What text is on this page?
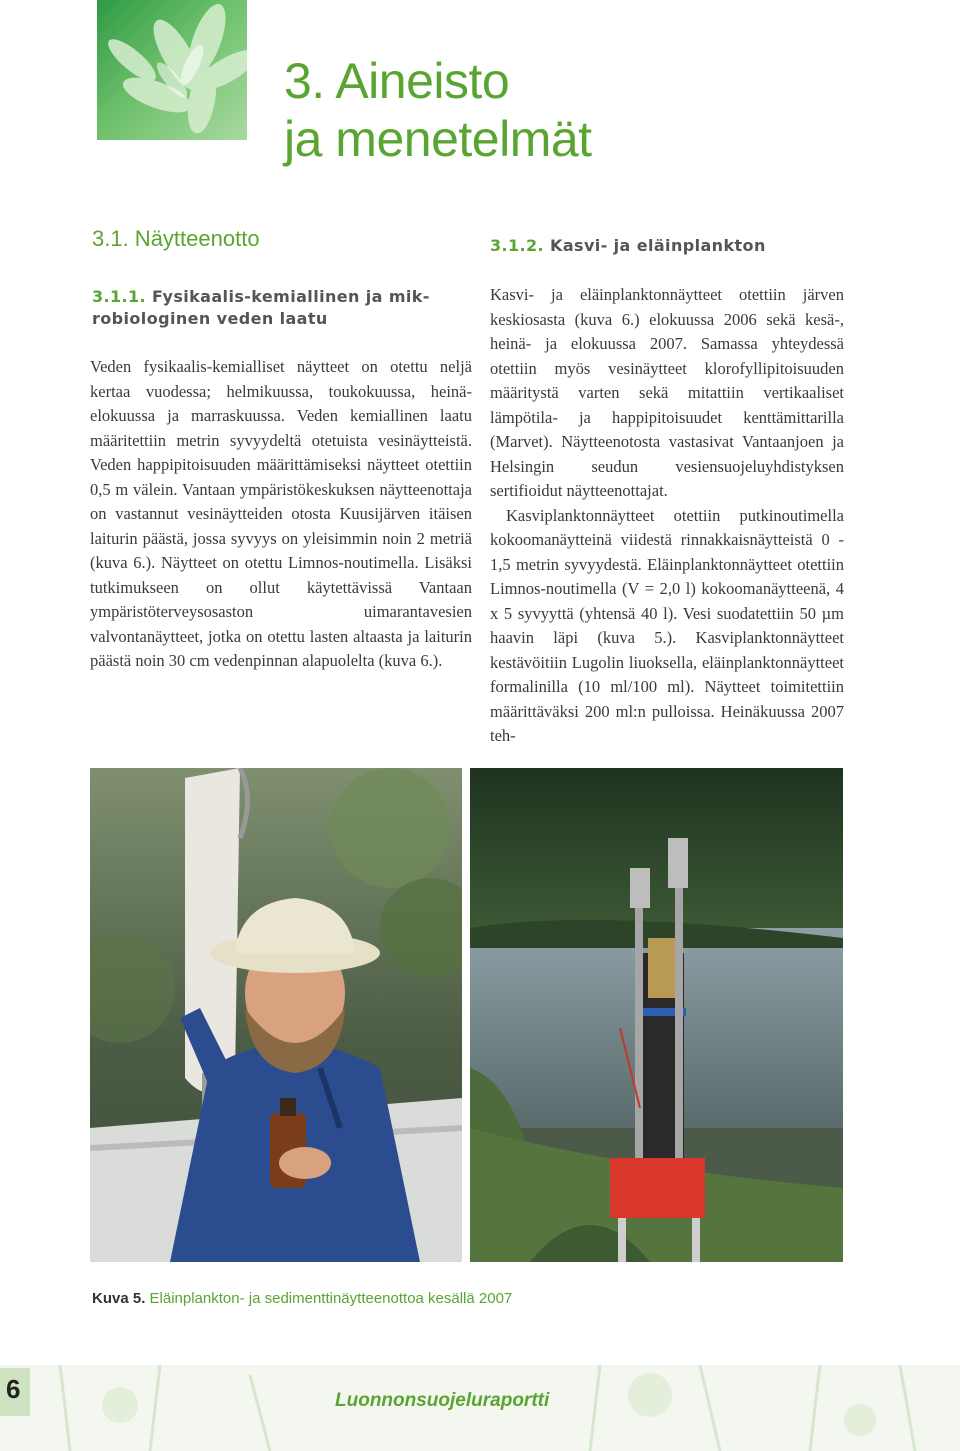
3. Aineisto
ja menetelmät
3.1. Näytteenotto
3.1.1. Fysikaalis-kemiallinen ja mik-robiologinen veden laatu

Veden fysikaalis-kemialliset näytteet on otettu neljä kertaa vuodessa; helmikuussa, toukokuussa, heinä-elokuussa ja marraskuussa. Veden kemiallinen laatu määritettiin metrin syvyydeltä otetuista vesinäytteistä. Veden happipitoisuuden määrittämiseksi näytteet otettiin 0,5 m välein. Vantaan ympäristökeskuksen näytteenottaja on vastannut vesinäytteiden otosta Kuusijärven itäisen laiturin päästä, jossa syvyys on yleisimmin noin 2 metriä (kuva 6.). Näytteet on otettu Limnos-noutimella. Lisäksi tutkimukseen on ollut käytettävissä Vantaan ympäristöterveysosaston uimarantavesien valvontanäytteet, jotka on otettu lasten altaasta ja laiturin päästä noin 30 cm vedenpinnan alapuolelta (kuva 6.).

3.1.2. Kasvi- ja eläinplankton

Kasvi- ja eläinplanktonnäytteet otettiin järven keskiosasta (kuva 6.) elokuussa 2006 sekä kesä-, heinä- ja elokuussa 2007. Samassa yhteydessä otettiin myös vesinäytteet klorofyllipitoisuuden määritystä varten sekä mitattiin vertikaaliset lämpötila- ja happipitoisuudet kenttämittarilla (Marvet). Näytteenotosta vastasivat Vantaanjoen ja Helsingin seudun vesiensuojeluyhdistyksen sertifioidut näytteenottajat.

Kasviplanktonnäytteet otettiin putkinoutimella kokoomanäytteinä viidestä rinnakkaisnäytteistä 0 - 1,5 metrin syvyydestä. Eläinplanktonnäytteet otettiin Limnos-noutimella (V = 2,0 l) kokoomanäytteenä, 4 x 5 syvyyttä (yhtensä 40 l). Vesi suodatettiin 50 µm haavin läpi (kuva 5.). Kasviplanktonnäytteet kestävöitiin Lugolin liuoksella, eläinplanktonnäytteet formalinilla (10 ml/100 ml). Näytteet toimitettiin määrittäväksi 200 ml:n pulloissa. Heinäkuussa 2007 teh-

Kuva 5. Eläinplankton- ja sedimenttinäytteenottoa kesällä 2007
6	Luonnonsuojeluraportti
